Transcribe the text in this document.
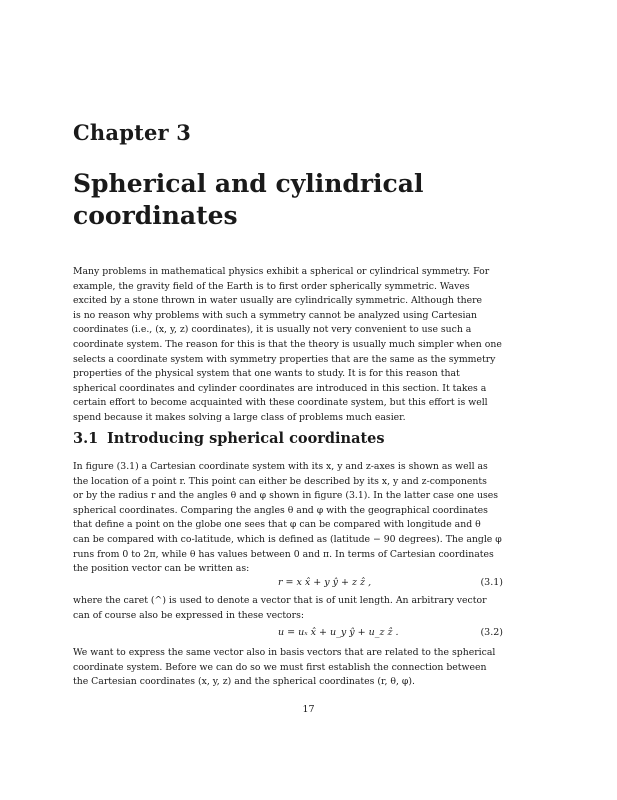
Chapter 3
Spherical and cylindrical coordinates
Many problems in mathematical physics exhibit a spherical or cylindrical symmetry. For
example, the gravity field of the Earth is to first order spherically symmetric. Waves
excited by a stone thrown in water usually are cylindrically symmetric. Although there
is no reason why problems with such a symmetry cannot be analyzed using Cartesian
coordinates (i.e., (x, y, z) coordinates), it is usually not very convenient to use such a
coordinate system. The reason for this is that the theory is usually much simpler when one
selects a coordinate system with symmetry properties that are the same as the symmetry
properties of the physical system that one wants to study. It is for this reason that
spherical coordinates and cylinder coordinates are introduced in this section. It takes a
certain effort to become acquainted with these coordinate system, but this effort is well
spend because it makes solving a large class of problems much easier.
3.1 Introducing spherical coordinates
In figure (3.1) a Cartesian coordinate system with its x, y and z-axes is shown as well as
the location of a point r. This point can either be described by its x, y and z-components
or by the radius r and the angles θ and φ shown in figure (3.1). In the latter case one uses
spherical coordinates. Comparing the angles θ and φ with the geographical coordinates
that define a point on the globe one sees that φ can be compared with longitude and θ
can be compared with co-latitude, which is defined as (latitude − 90 degrees). The angle φ
runs from 0 to 2π, while θ has values between 0 and π. In terms of Cartesian coordinates
the position vector can be written as:
r = x x̂ + y ŷ + z ẑ ,	(3.1)
where the caret (^) is used to denote a vector that is of unit length. An arbitrary vector
can of course also be expressed in these vectors:
u = uₓ x̂ + u_y ŷ + u_z ẑ .	(3.2)
We want to express the same vector also in basis vectors that are related to the spherical
coordinate system. Before we can do so we must first establish the connection between
the Cartesian coordinates (x, y, z) and the spherical coordinates (r, θ, φ).
17
